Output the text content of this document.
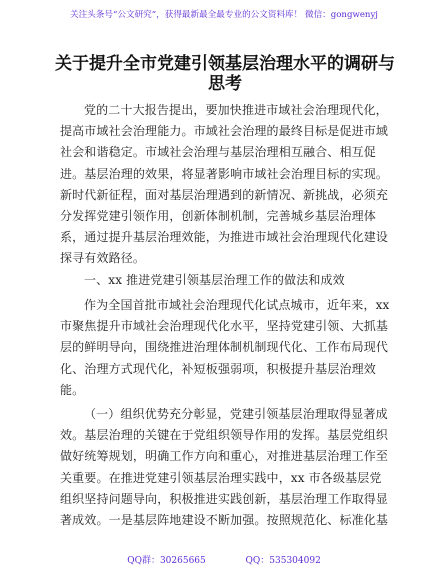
关注头条号“公文研究”，获得最新最全最专业的公文资料库！ 微信：gongwenyj
关于提升全市党建引领基层治理水平的调研与
思考

党的二十大报告提出，要加快推进市域社会治理现代化，提高市域社会治理能力。市域社会治理的最终目标是促进市域社会和谐稳定。市域社会治理与基层治理相互融合、相互促进。基层治理的效果，将显著影响市域社会治理目标的实现。新时代新征程，面对基层治理遇到的新情况、新挑战，必须充分发挥党建引领作用，创新体制机制，完善城乡基层治理体系，通过提升基层治理效能，为推进市域社会治理现代化建设探寻有效路径。

一、xx 推进党建引领基层治理工作的做法和成效

作为全国首批市域社会治理现代化试点城市，近年来，xx 市聚焦提升市域社会治理现代化水平，坚持党建引领、大抓基层的鲜明导向，围绕推进治理体制机制现代化、工作布局现代化、治理方式现代化，补短板强弱项，积极提升基层治理效能。

（一）组织优势充分彰显，党建引领基层治理取得显著成效。基层治理的关键在于党组织领导作用的发挥。基层党组织做好统筹规划，明确工作方向和重心，对推进基层治理工作至关重要。在推进党建引领基层治理实践中，xx 市各级基层党组织坚持问题导向，积极推进实践创新，基层治理工作取得显著成效。一是基层阵地建设不断加强。按照规范化、标准化基

QQ群：30265665	QQ：535304092
